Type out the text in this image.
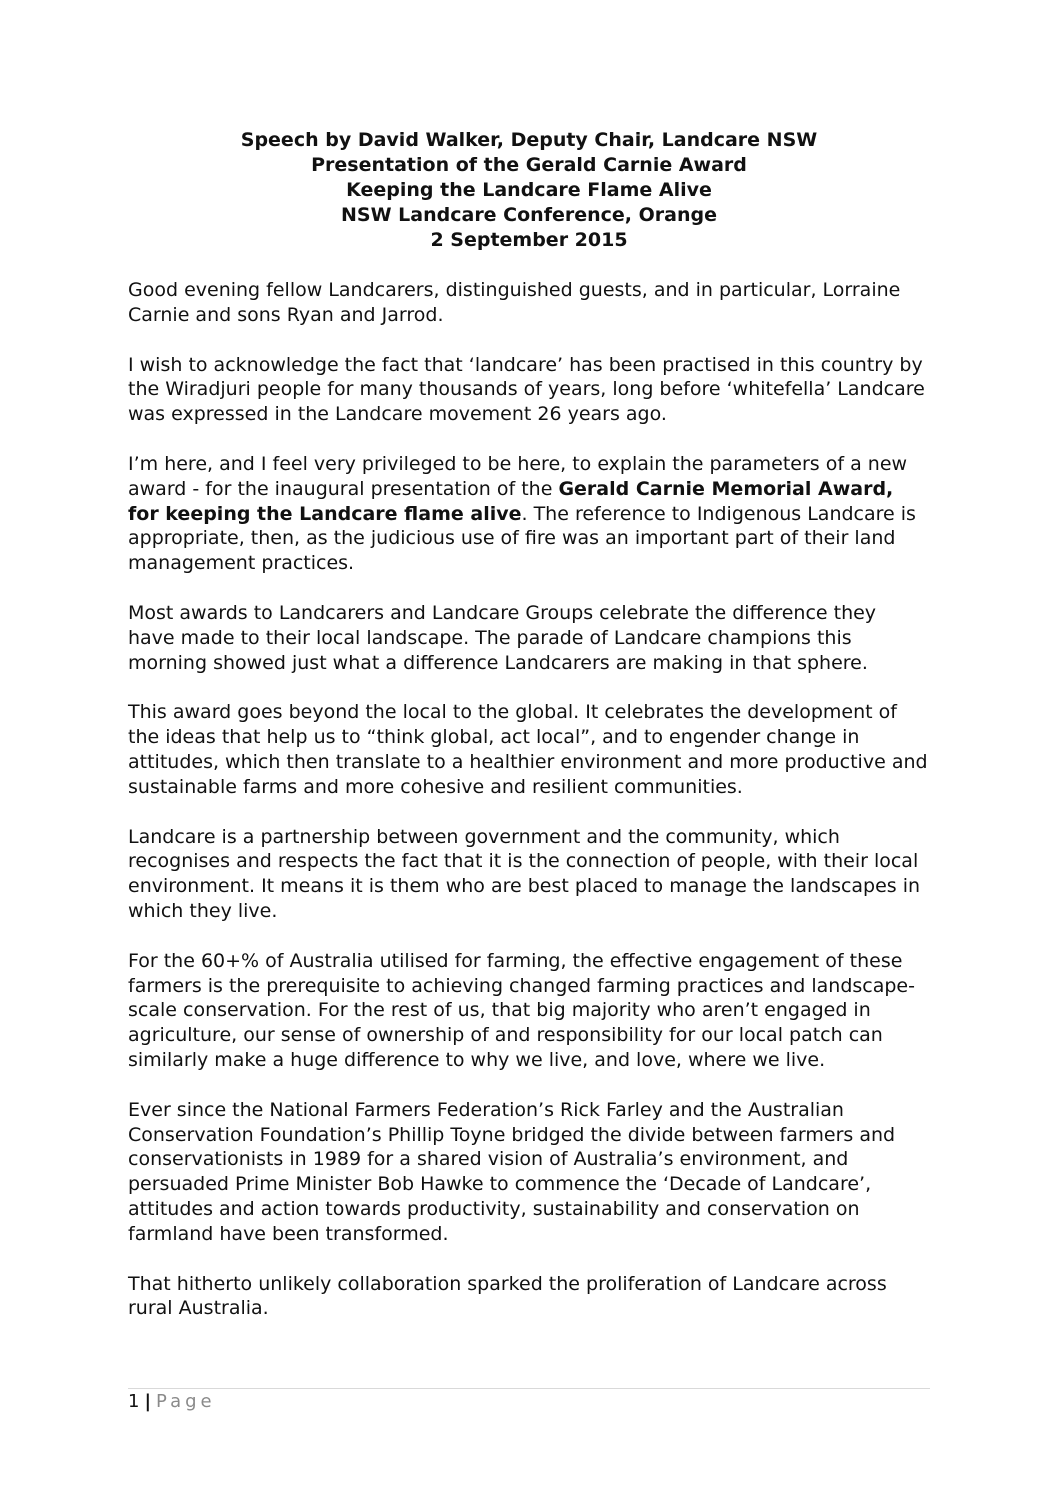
Speech by David Walker, Deputy Chair, Landcare NSW
Presentation of the Gerald Carnie Award
Keeping the Landcare Flame Alive
NSW Landcare Conference, Orange
2 September 2015

Good evening fellow Landcarers, distinguished guests, and in particular, Lorraine Carnie and sons Ryan and Jarrod.

I wish to acknowledge the fact that ‘landcare’ has been practised in this country by the Wiradjuri people for many thousands of years, long before ‘whitefella’ Landcare was expressed in the Landcare movement 26 years ago.

I’m here, and I feel very privileged to be here, to explain the parameters of a new award - for the inaugural presentation of the Gerald Carnie Memorial Award, for keeping the Landcare flame alive. The reference to Indigenous Landcare is appropriate, then, as the judicious use of fire was an important part of their land management practices.

Most awards to Landcarers and Landcare Groups celebrate the difference they have made to their local landscape. The parade of Landcare champions this morning showed just what a difference Landcarers are making in that sphere.

This award goes beyond the local to the global. It celebrates the development of the ideas that help us to “think global, act local”, and to engender change in attitudes, which then translate to a healthier environment and more productive and sustainable farms and more cohesive and resilient communities.

Landcare is a partnership between government and the community, which recognises and respects the fact that it is the connection of people, with their local environment. It means it is them who are best placed to manage the landscapes in which they live.

For the 60+% of Australia utilised for farming, the effective engagement of these farmers is the prerequisite to achieving changed farming practices and landscape-scale conservation. For the rest of us, that big majority who aren’t engaged in agriculture, our sense of ownership of and responsibility for our local patch can similarly make a huge difference to why we live, and love, where we live.

Ever since the National Farmers Federation’s Rick Farley and the Australian Conservation Foundation’s Phillip Toyne bridged the divide between farmers and conservationists in 1989 for a shared vision of Australia’s environment, and persuaded Prime Minister Bob Hawke to commence the ‘Decade of Landcare’, attitudes and action towards productivity, sustainability and conservation on farmland have been transformed.

That hitherto unlikely collaboration sparked the proliferation of Landcare across rural Australia.

1 | Page
